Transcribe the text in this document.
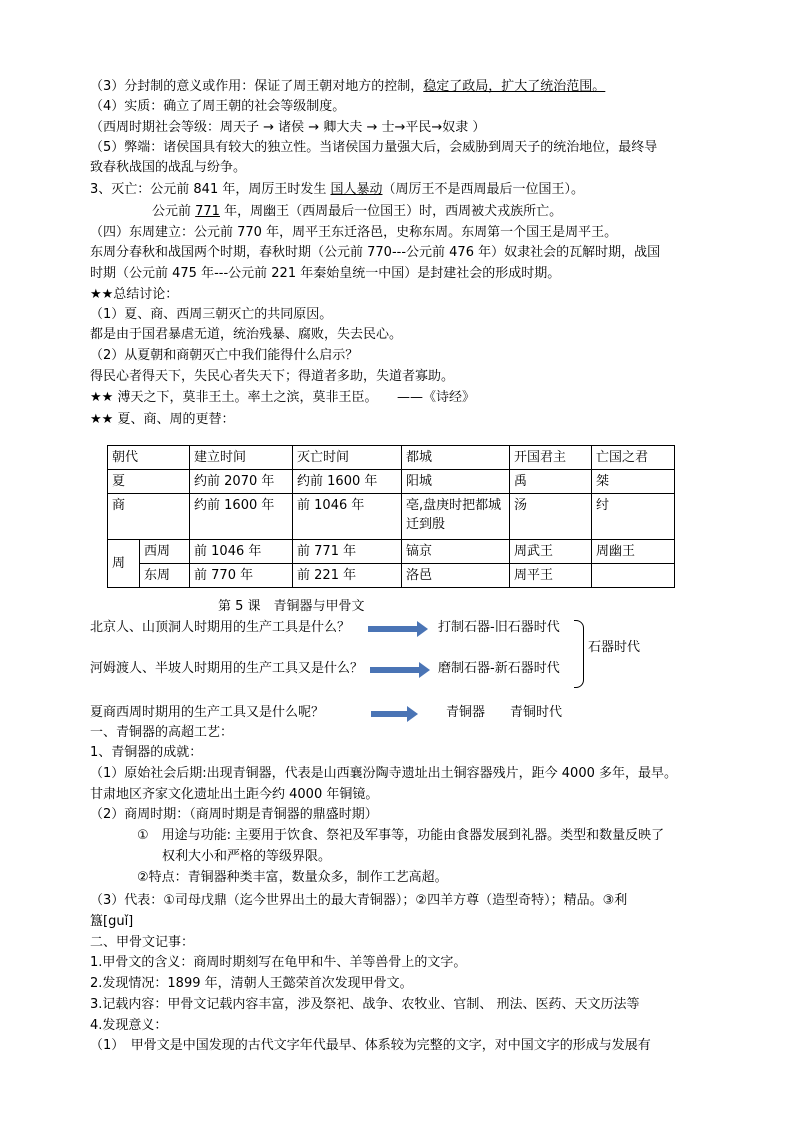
（3）分封制的意义或作用：保证了周王朝对地方的控制，稳定了政局，扩大了统治范围。
（4）实质：确立了周王朝的社会等级制度。
（西周时期社会等级：周天子 → 诸侯 → 卿大夫 → 士→平民→奴隶 ）
（5）弊端：诸侯国具有较大的独立性。当诸侯国力量强大后，会威胁到周天子的统治地位，最终导
致春秋战国的战乱与纷争。
3、灭亡：公元前 841 年，周厉王时发生 国人暴动（周厉王不是西周最后一位国王）。
公元前 771 年，周幽王（西周最后一位国王）时，西周被犬戎族所亡。
（四）东周建立：公元前 770 年，周平王东迁洛邑，史称东周。东周第一个国王是周平王。
东周分春秋和战国两个时期，春秋时期（公元前 770---公元前 476 年）奴隶社会的瓦解时期，战国
时期（公元前 475 年---公元前 221 年秦始皇统一中国）是封建社会的形成时期。
★★总结讨论：
（1）夏、商、西周三朝灭亡的共同原因。
都是由于国君暴虐无道，统治残暴、腐败，失去民心。
（2）从夏朝和商朝灭亡中我们能得什么启示？
得民心者得天下，失民心者失天下；得道者多助，失道者寡助。
★★ 溥天之下，莫非王土。率土之滨，莫非王臣。　　——《诗经》
★★ 夏、商、周的更替：
朝代		建立时间	灭亡时间	都城	开国君主	亡国之君
夏		约前 2070 年	约前 1600 年	阳城	禹	桀
商		约前 1600 年	前 1046 年	亳,盘庚时把都城迁到殷	汤	纣
周	西周	前 1046 年	前 771 年	镐京	周武王	周幽王
	东周	前 770 年	前 221 年	洛邑	周平王	
第 5 课　青铜器与甲骨文
北京人、山顶洞人时期用的生产工具是什么？	打制石器-旧石器时代
河姆渡人、半坡人时期用的生产工具又是什么？	磨制石器-新石器时代
石器时代
夏商西周时期用的生产工具又是什么呢？	青铜器 青铜时代
一、青铜器的高超工艺：
1、青铜器的成就：
（1）原始社会后期:出现青铜器，代表是山西襄汾陶寺遗址出土铜容器残片，距今 4000 多年，最早。
甘肃地区齐家文化遗址出土距今约 4000 年铜镜。
（2）商周时期：（商周时期是青铜器的鼎盛时期）
①　用途与功能: 主要用于饮食、祭祀及军事等，功能由食器发展到礼器。类型和数量反映了
权利大小和严格的等级界限。
②特点：青铜器种类丰富，数量众多，制作工艺高超。
（3）代表：①司母戊鼎（迄今世界出土的最大青铜器）；②四羊方尊（造型奇特）；精品。③利
簋[guǐ]
二、甲骨文记事：
1.甲骨文的含义：商周时期刻写在龟甲和牛、羊等兽骨上的文字。
2.发现情况：1899 年，清朝人王懿荣首次发现甲骨文。
3.记载内容：甲骨文记载内容丰富，涉及祭祀、战争、农牧业、官制、 刑法、医药、天文历法等
4.发现意义：
（1）　甲骨文是中国发现的古代文字年代最早、体系较为完整的文字，对中国文字的形成与发展有
